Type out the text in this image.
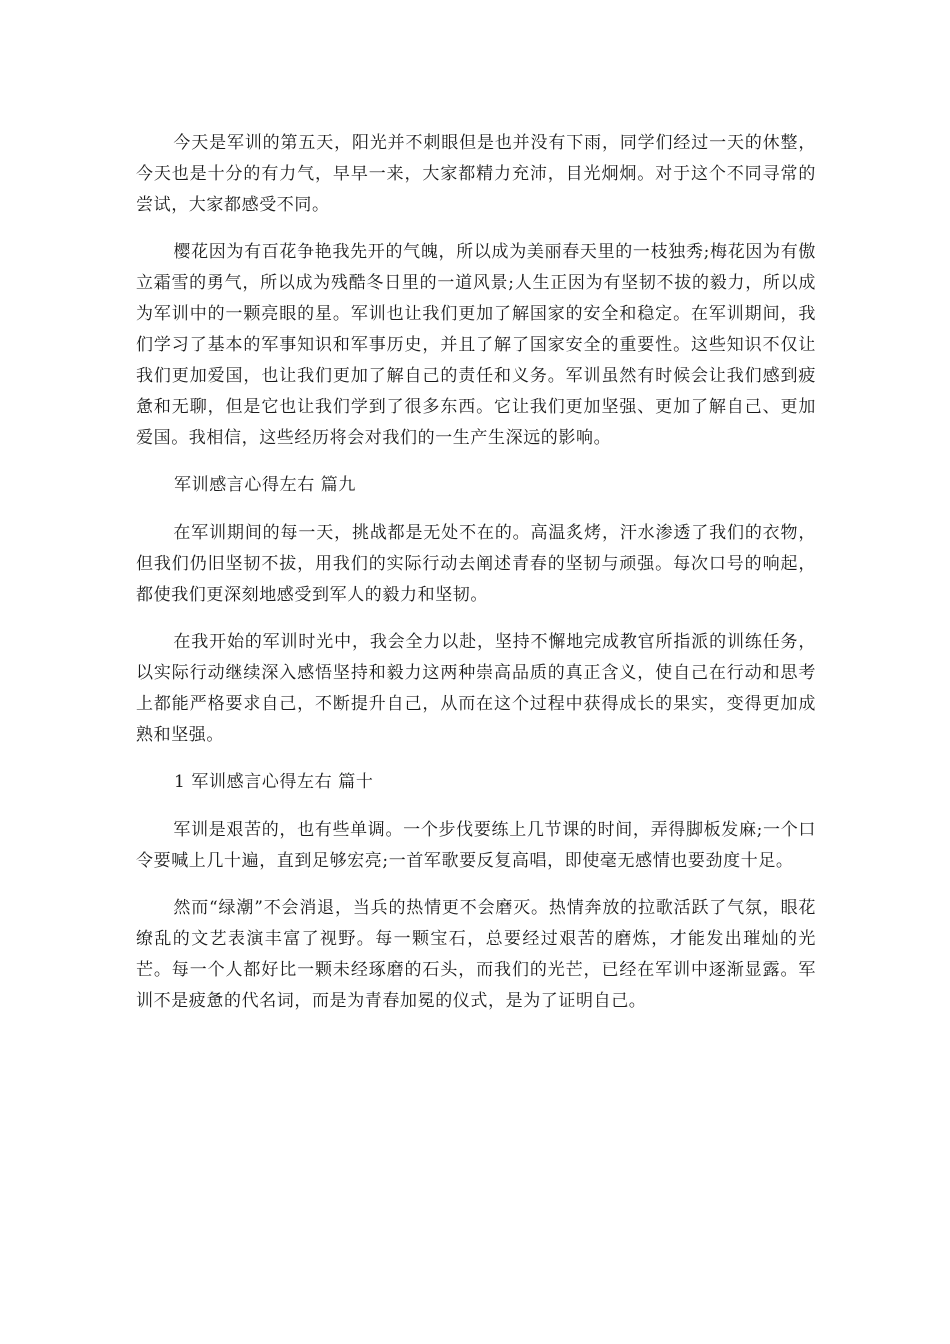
今天是军训的第五天，阳光并不刺眼但是也并没有下雨，同学们经过一天的休整，今天也是十分的有力气，早早一来，大家都精力充沛，目光炯炯。对于这个不同寻常的尝试，大家都感受不同。

樱花因为有百花争艳我先开的气魄，所以成为美丽春天里的一枝独秀;梅花因为有傲立霜雪的勇气，所以成为残酷冬日里的一道风景;人生正因为有坚韧不拔的毅力，所以成为军训中的一颗亮眼的星。军训也让我们更加了解国家的安全和稳定。在军训期间，我们学习了基本的军事知识和军事历史，并且了解了国家安全的重要性。这些知识不仅让我们更加爱国，也让我们更加了解自己的责任和义务。军训虽然有时候会让我们感到疲惫和无聊，但是它也让我们学到了很多东西。它让我们更加坚强、更加了解自己、更加爱国。我相信，这些经历将会对我们的一生产生深远的影响。

军训感言心得左右 篇九

在军训期间的每一天，挑战都是无处不在的。高温炙烤，汗水渗透了我们的衣物，但我们仍旧坚韧不拔，用我们的实际行动去阐述青春的坚韧与顽强。每次口号的响起，都使我们更深刻地感受到军人的毅力和坚韧。

在我开始的军训时光中，我会全力以赴，坚持不懈地完成教官所指派的训练任务，以实际行动继续深入感悟坚持和毅力这两种崇高品质的真正含义，使自己在行动和思考上都能严格要求自己，不断提升自己，从而在这个过程中获得成长的果实，变得更加成熟和坚强。

1 军训感言心得左右 篇十

军训是艰苦的，也有些单调。一个步伐要练上几节课的时间，弄得脚板发麻;一个口令要喊上几十遍，直到足够宏亮;一首军歌要反复高唱，即使毫无感情也要劲度十足。

然而“绿潮”不会消退，当兵的热情更不会磨灭。热情奔放的拉歌活跃了气氛，眼花缭乱的文艺表演丰富了视野。每一颗宝石，总要经过艰苦的磨炼，才能发出璀灿的光芒。每一个人都好比一颗未经琢磨的石头，而我们的光芒，已经在军训中逐渐显露。军训不是疲惫的代名词，而是为青春加冕的仪式，是为了证明自己。
